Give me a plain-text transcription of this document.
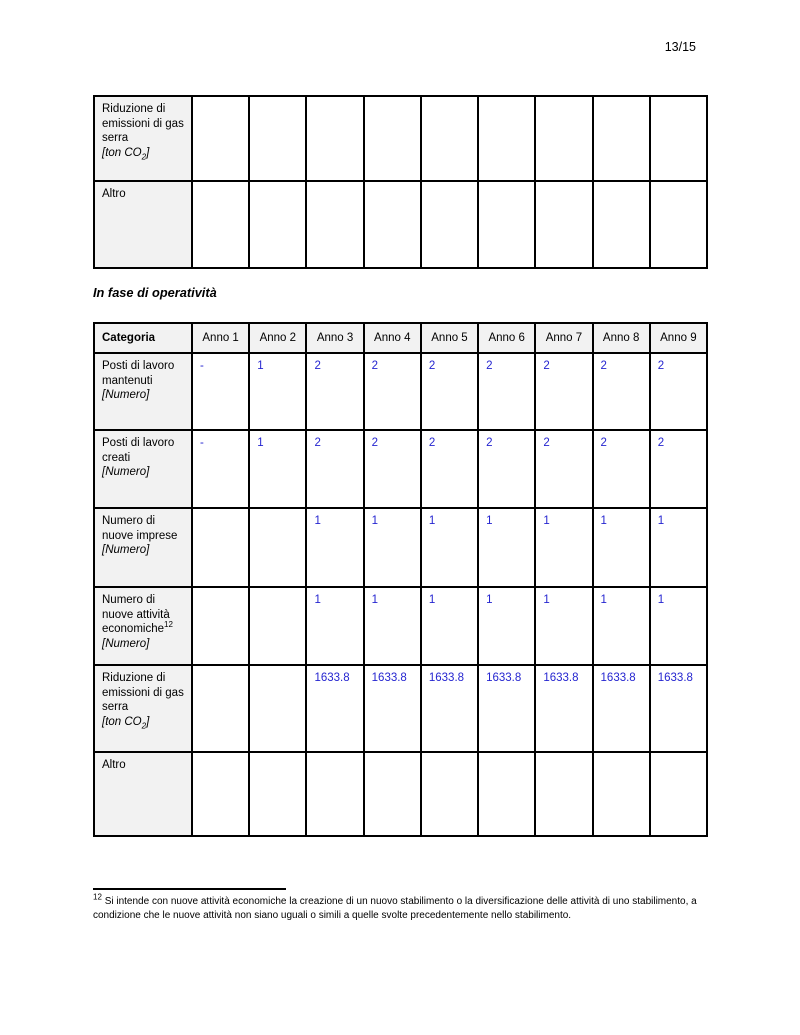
13/15
Riduzione di emissioni di gas serra
[ton $CO_2$]									

Altro									

In fase di operatività
Categoria	Anno 1	Anno 2	Anno 3	Anno 4	Anno 5	Anno 6	Anno 7	Anno 8	Anno 9

Posti di lavoro mantenuti
[Numero]	-	1	2	2	2	2	2	2	2

Posti di lavoro creati
[Numero]	-	1	2	2	2	2	2	2	2

Numero di nuove imprese
[Numero]			1	1	1	1	1	1	1

Numero di nuove attività economiche$^{12}$
[Numero]			1	1	1	1	1	1	1

Riduzione di emissioni di gas serra
[ton $CO_2$]			1633.8	1633.8	1633.8	1633.8	1633.8	1633.8	1633.8

Altro									

$^{12}$ Si intende con nuove attività economiche la creazione di un nuovo stabilimento o la diversificazione delle attività di uno stabilimento, a condizione che le nuove attività non siano uguali o simili a quelle svolte precedentemente nello stabilimento.
